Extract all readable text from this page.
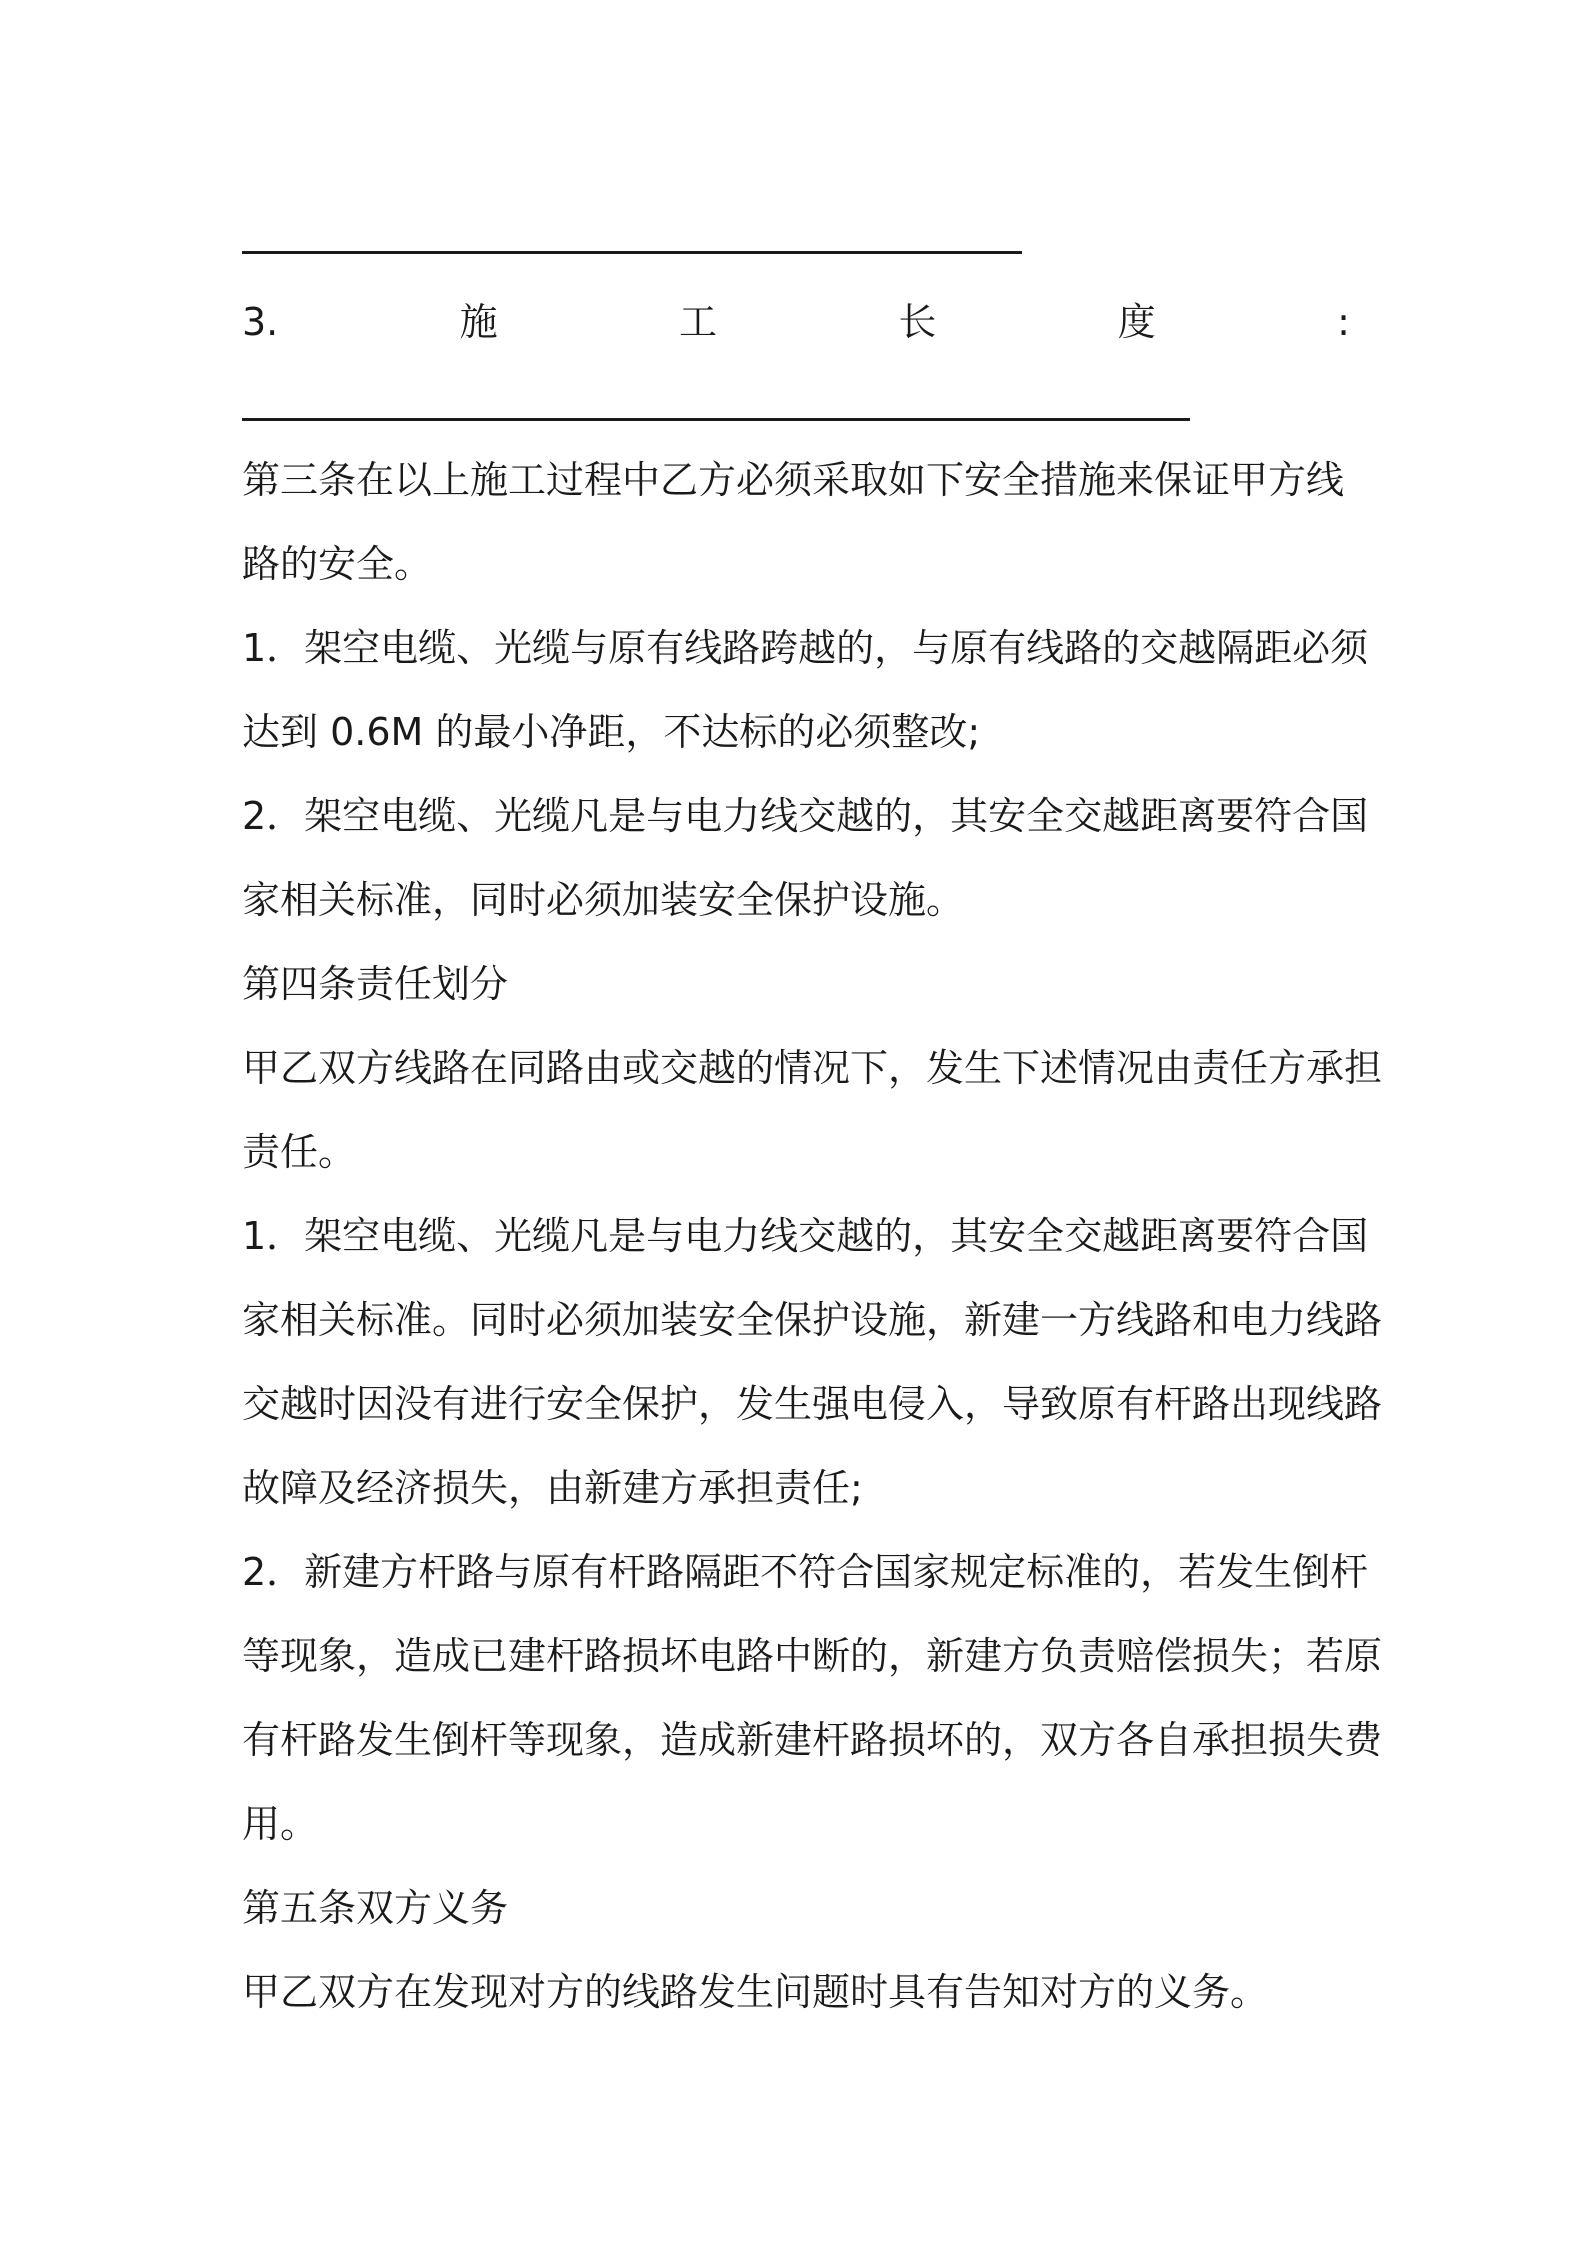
3.	施	工	长	度	:
第三条在以上施工过程中乙方必须采取如下安全措施来保证甲方线
路的安全。
1．架空电缆、光缆与原有线路跨越的，与原有线路的交越隔距必须
达到 0.6M 的最小净距，不达标的必须整改;
2．架空电缆、光缆凡是与电力线交越的，其安全交越距离要符合国
家相关标准，同时必须加装安全保护设施。
第四条责任划分
甲乙双方线路在同路由或交越的情况下，发生下述情况由责任方承担
责任。
1．架空电缆、光缆凡是与电力线交越的，其安全交越距离要符合国
家相关标准。同时必须加装安全保护设施，新建一方线路和电力线路
交越时因没有进行安全保护，发生强电侵入，导致原有杆路出现线路
故障及经济损失，由新建方承担责任;
2．新建方杆路与原有杆路隔距不符合国家规定标准的，若发生倒杆
等现象，造成已建杆路损坏电路中断的，新建方负责赔偿损失；若原
有杆路发生倒杆等现象，造成新建杆路损坏的，双方各自承担损失费
用。
第五条双方义务
甲乙双方在发现对方的线路发生问题时具有告知对方的义务。
